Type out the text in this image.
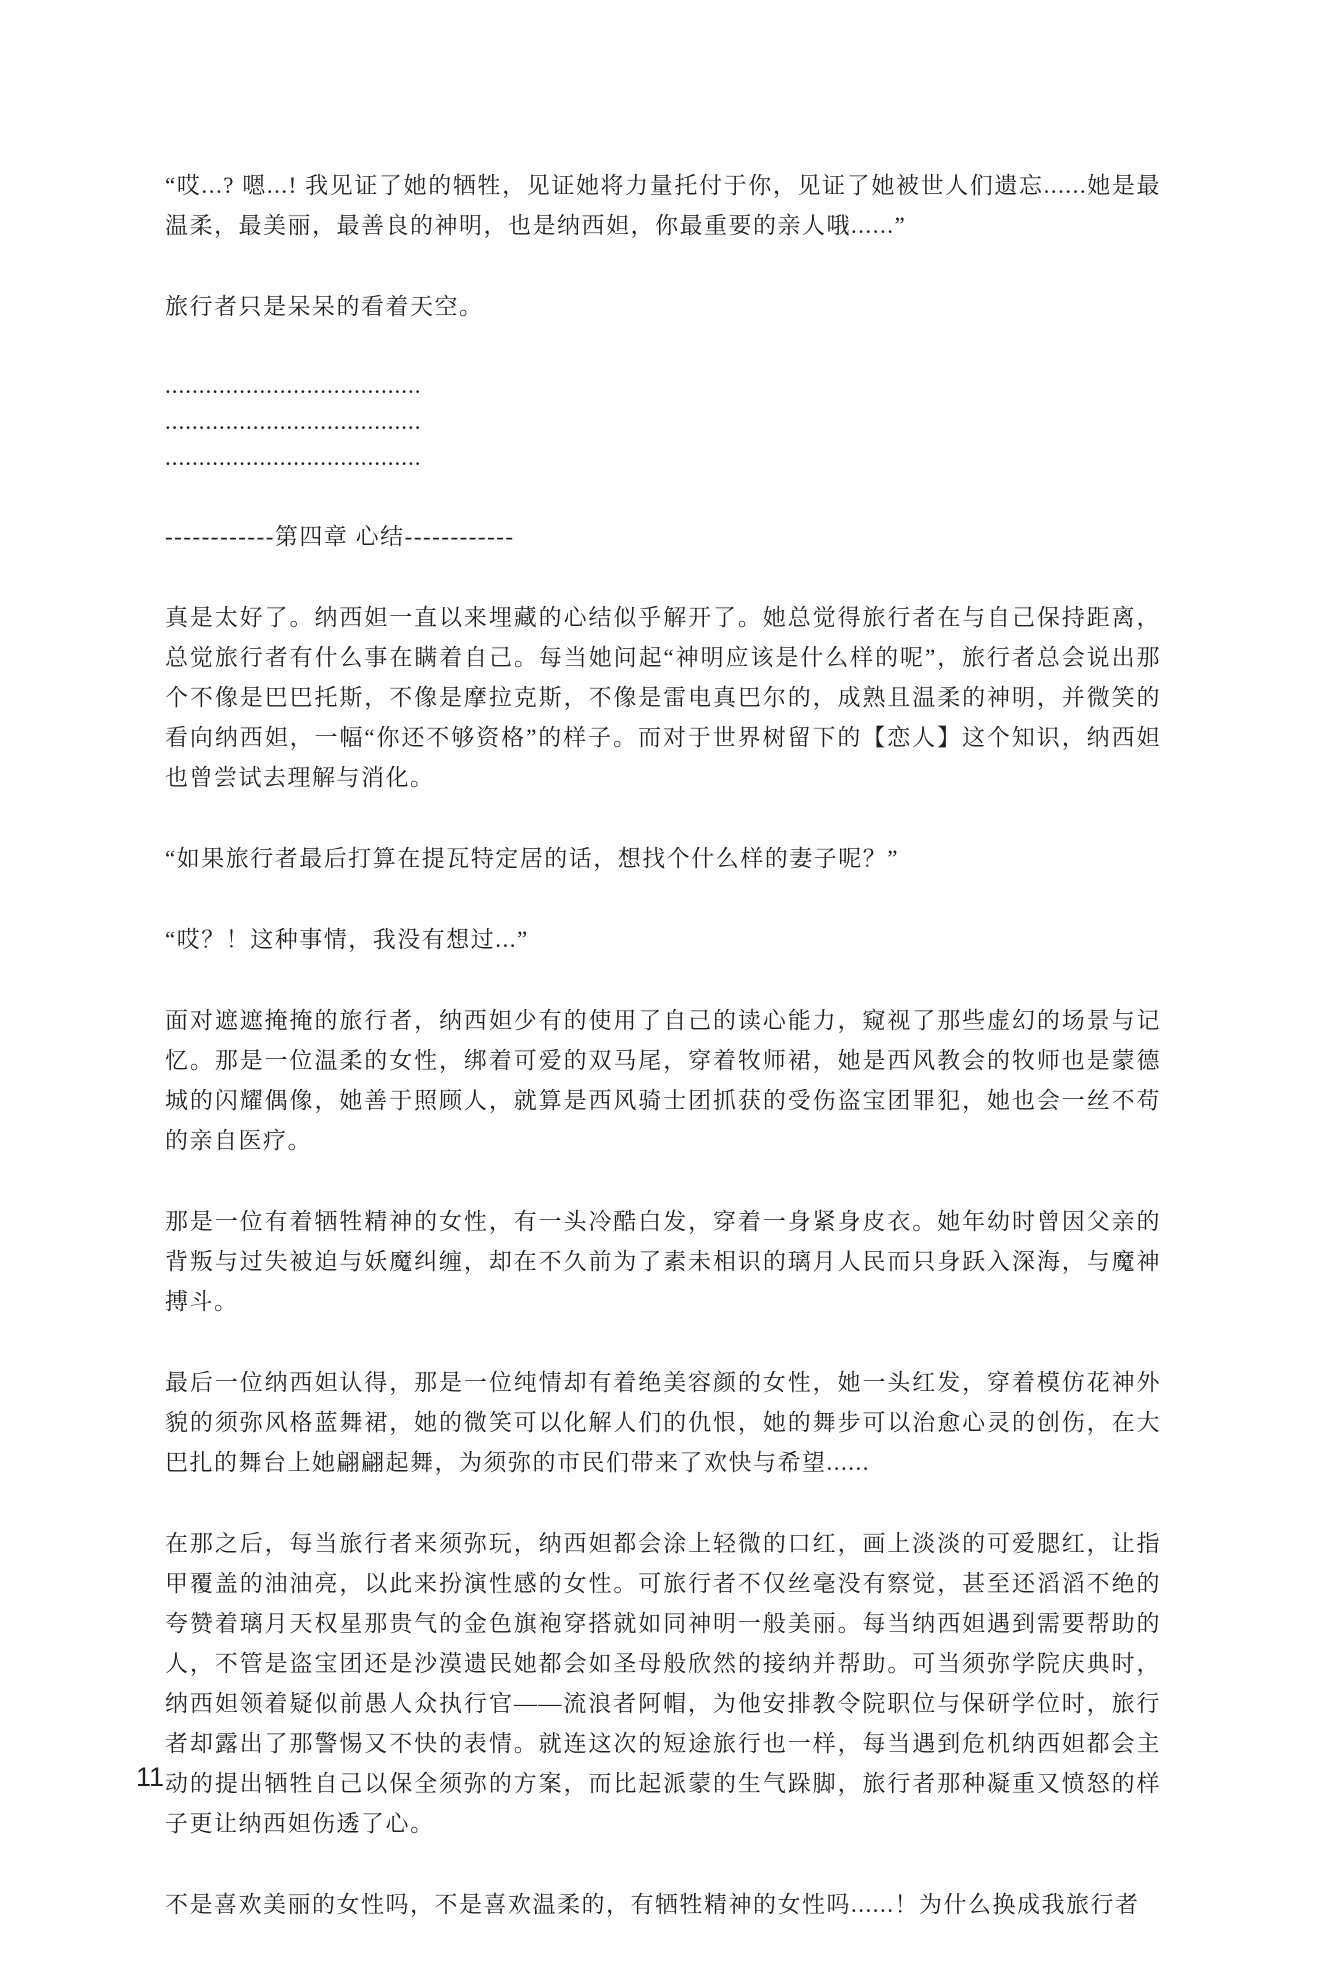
“哎...? 嗯...! 我见证了她的牺牲，见证她将力量托付于你，见证了她被世人们遗忘......她是最温柔，最美丽，最善良的神明，也是纳西妲，你最重要的亲人哦......”

旅行者只是呆呆的看着天空。

......................................

......................................

......................................

------------第四章 心结------------

真是太好了。纳西妲一直以来埋藏的心结似乎解开了。她总觉得旅行者在与自己保持距离，总觉旅行者有什么事在瞒着自己。每当她问起“神明应该是什么样的呢”，旅行者总会说出那个不像是巴巴托斯，不像是摩拉克斯，不像是雷电真巴尔的，成熟且温柔的神明，并微笑的看向纳西妲，一幅“你还不够资格”的样子。而对于世界树留下的【恋人】这个知识，纳西妲也曾尝试去理解与消化。

“如果旅行者最后打算在提瓦特定居的话，想找个什么样的妻子呢？”

“哎？！这种事情，我没有想过...”

面对遮遮掩掩的旅行者，纳西妲少有的使用了自己的读心能力，窥视了那些虚幻的场景与记忆。那是一位温柔的女性，绑着可爱的双马尾，穿着牧师裙，她是西风教会的牧师也是蒙德城的闪耀偶像，她善于照顾人，就算是西风骑士团抓获的受伤盗宝团罪犯，她也会一丝不苟的亲自医疗。

那是一位有着牺牲精神的女性，有一头冷酷白发，穿着一身紧身皮衣。她年幼时曾因父亲的背叛与过失被迫与妖魔纠缠，却在不久前为了素未相识的璃月人民而只身跃入深海，与魔神搏斗。

最后一位纳西妲认得，那是一位纯情却有着绝美容颜的女性，她一头红发，穿着模仿花神外貌的须弥风格蓝舞裙，她的微笑可以化解人们的仇恨，她的舞步可以治愈心灵的创伤，在大巴扎的舞台上她翩翩起舞，为须弥的市民们带来了欢快与希望......

在那之后，每当旅行者来须弥玩，纳西妲都会涂上轻微的口红，画上淡淡的可爱腮红，让指甲覆盖的油油亮，以此来扮演性感的女性。可旅行者不仅丝毫没有察觉，甚至还滔滔不绝的夸赞着璃月天权星那贵气的金色旗袍穿搭就如同神明一般美丽。每当纳西妲遇到需要帮助的人，不管是盗宝团还是沙漠遗民她都会如圣母般欣然的接纳并帮助。可当须弥学院庆典时，纳西妲领着疑似前愚人众执行官——流浪者阿帽，为他安排教令院职位与保研学位时，旅行者却露出了那警惕又不快的表情。就连这次的短途旅行也一样，每当遇到危机纳西妲都会主动的提出牺牲自己以保全须弥的方案，而比起派蒙的生气跺脚，旅行者那种凝重又愤怒的样子更让纳西妲伤透了心。

不是喜欢美丽的女性吗，不是喜欢温柔的，有牺牲精神的女性吗......！为什么换成我旅行者

11
